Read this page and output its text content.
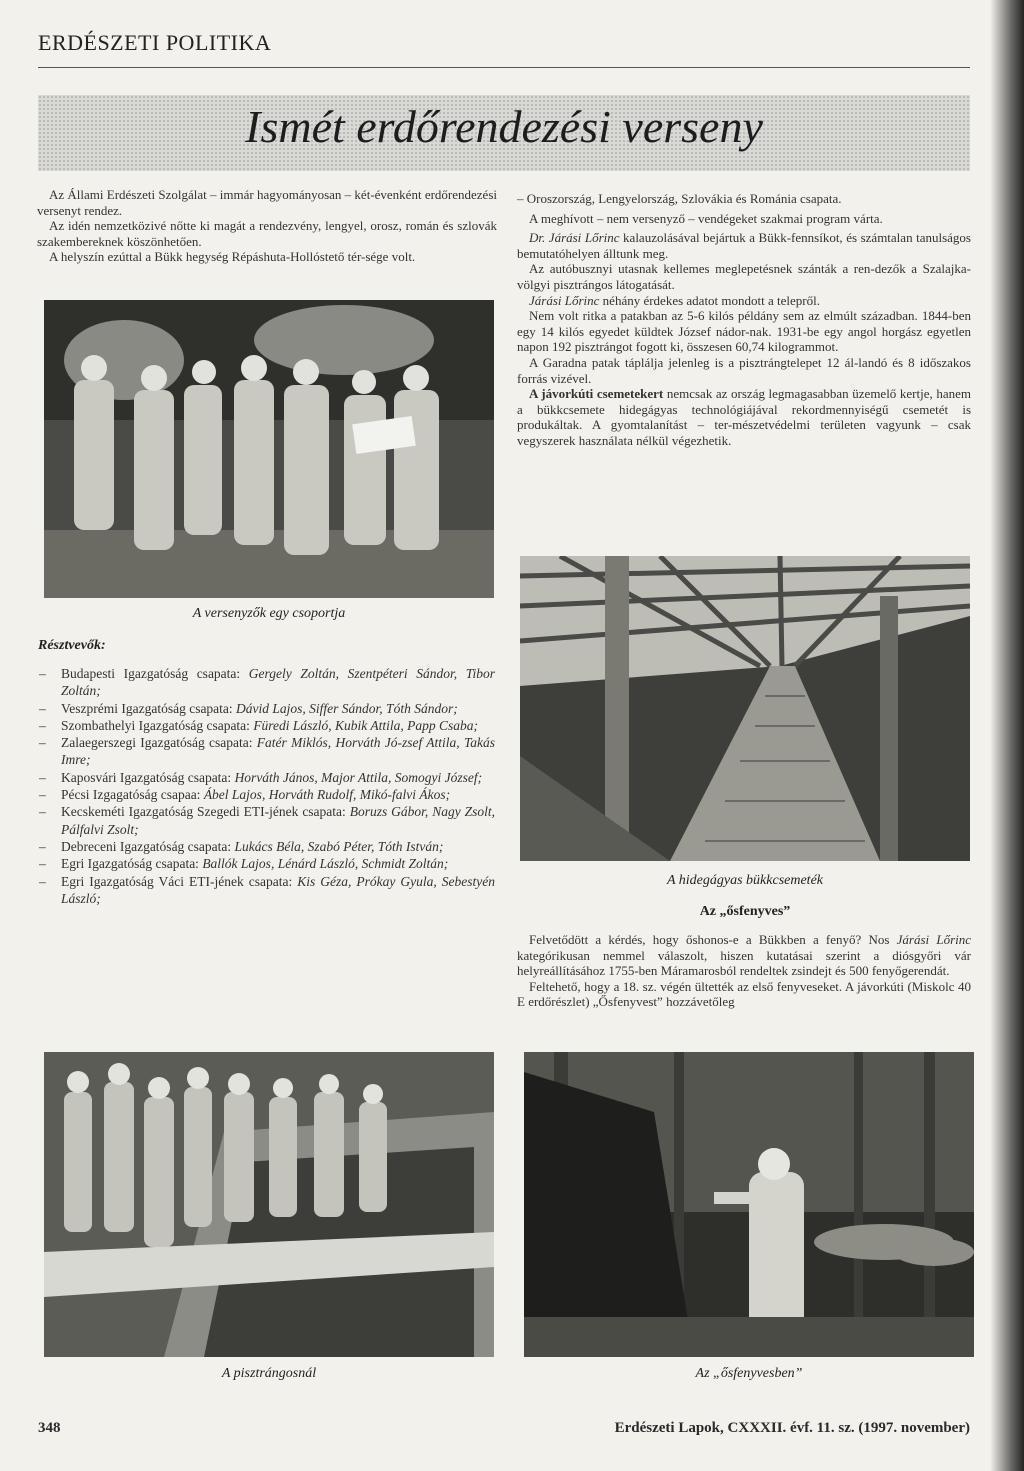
ERDÉSZETI POLITIKA
Ismét erdőrendezési verseny

Az Állami Erdészeti Szolgálat – immár hagyományosan – két-évenként erdőrendezési versenyt rendez.

Az idén nemzetközivé nőtte ki magát a rendezvény, lengyel, orosz, román és szlovák szakembereknek köszönhetően.

A helyszín ezúttal a Bükk hegység Répáshuta-Hollóstető tér-sége volt.

A versenyzők egy csoportja
Résztvevők:
– Budapesti Igazgatóság csapata: Gergely Zoltán, Szentpéteri Sándor, Tibor Zoltán;
– Veszprémi Igazgatóság csapata: Dávid Lajos, Siffer Sándor, Tóth Sándor;
– Szombathelyi Igazgatóság csapata: Füredi László, Kubik Attila, Papp Csaba;
– Zalaegerszegi Igazgatóság csapata: Fatér Miklós, Horváth Jó-zsef Attila, Takás Imre;
– Kaposvári Igazgatóság csapata: Horváth János, Major Attila, Somogyi József;
– Pécsi Izgagatóság csapaa: Ábel Lajos, Horváth Rudolf, Mikó-falvi Ákos;
– Kecskeméti Igazgatóság Szegedi ETI-jének csapata: Boruzs Gábor, Nagy Zsolt, Pálfalvi Zsolt;
– Debreceni Igazgatóság csapata: Lukács Béla, Szabó Péter, Tóth István;
– Egri Igazgatóság csapata: Ballók Lajos, Lénárd László, Schmidt Zoltán;
– Egri Igazgatóság Váci ETI-jének csapata: Kis Géza, Prókay Gyula, Sebestyén László;
A pisztrángosnál

– Oroszország, Lengyelország, Szlovákia és Románia csapata.

A meghívott – nem versenyző – vendégeket szakmai program várta.

Dr. Járási Lőrinc kalauzolásával bejártuk a Bükk-fennsíkot, és számtalan tanulságos bemutatóhelyen álltunk meg.

Az autóbusznyi utasnak kellemes meglepetésnek szánták a ren-dezők a Szalajka-völgyi pisztrángos látogatását.

Járási Lőrinc néhány érdekes adatot mondott a telepről.

Nem volt ritka a patakban az 5-6 kilós példány sem az elmúlt században. 1844-ben egy 14 kilós egyedet küldtek József nádor-nak. 1931-be egy angol horgász egyetlen napon 192 pisztrángot fogott ki, összesen 60,74 kilogrammot.

A Garadna patak táplálja jelenleg is a pisztrángtelepet 12 ál-landó és 8 időszakos forrás vizével.

A jávorkúti csemetekert nemcsak az ország legmagasabban üzemelő kertje, hanem a bükkcsemete hidegágyas technológiájával rekordmennyiségű csemetét is produkáltak. A gyomtalanítást – ter-mészetvédelmi területen vagyunk – csak vegyszerek használata nélkül végezhetik.

A hidegágyas bükkcsemeték
Az „ősfenyves”

Felvetődött a kérdés, hogy őshonos-e a Bükkben a fenyő? Nos Járási Lőrinc kategórikusan nemmel válaszolt, hiszen kutatásai szerint a diósgyőri vár helyreállításához 1755-ben Máramarosból rendeltek zsindejt és 500 fenyőgerendát.

Feltehető, hogy a 18. sz. végén ültették az első fenyveseket. A jávorkúti (Miskolc 40 E erdőrészlet) „Ősfenyvest” hozzávetőleg

Az „ősfenyvesben”
348	Erdészeti Lapok, CXXXII. évf. 11. sz. (1997. november)
